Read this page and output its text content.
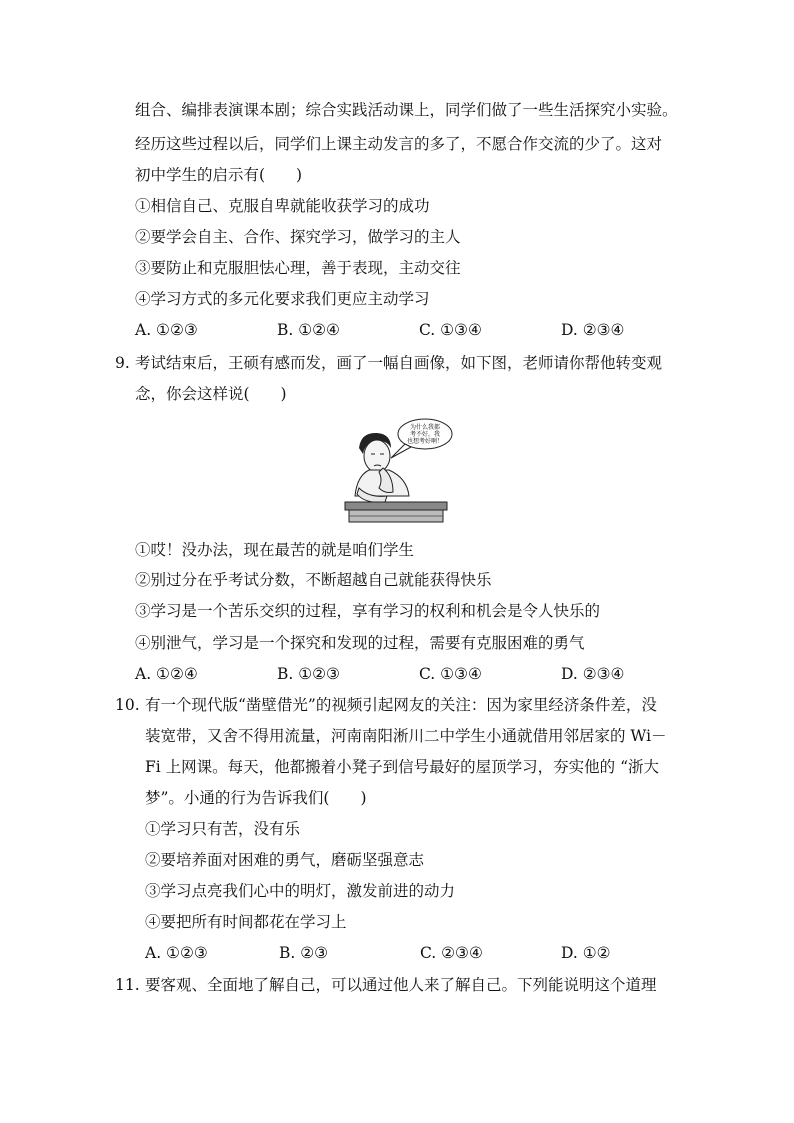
组合、编排表演课本剧；综合实践活动课上，同学们做了一些生活探究小实验。
经历这些过程以后，同学们上课主动发言的多了，不愿合作交流的少了。这对
初中学生的启示有(　　)
①相信自己、克服自卑就能收获学习的成功
②要学会自主、合作、探究学习，做学习的主人
③要防止和克服胆怯心理，善于表现，主动交往
④学习方式的多元化要求我们更应主动学习
A. ①②③	B. ①②④	C. ①③④	D. ②③④
9. 考试结束后，王硕有感而发，画了一幅自画像，如下图，老师请你帮他转变观
念，你会这样说(　　)
为什么我都
考不好，我
也想考好啊！
①哎！没办法，现在最苦的就是咱们学生
②别过分在乎考试分数，不断超越自己就能获得快乐
③学习是一个苦乐交织的过程，享有学习的权利和机会是令人快乐的
④别泄气，学习是一个探究和发现的过程，需要有克服困难的勇气
A. ①②④	B. ①②③	C. ①③④	D. ②③④
10. 有一个现代版“凿壁借光”的视频引起网友的关注：因为家里经济条件差，没
装宽带，又舍不得用流量，河南南阳淅川二中学生小通就借用邻居家的 Wi－
Fi 上网课。每天，他都搬着小凳子到信号最好的屋顶学习，夯实他的 “浙大
梦”。小通的行为告诉我们(　　)
①学习只有苦，没有乐
②要培养面对困难的勇气，磨砺坚强意志
③学习点亮我们心中的明灯，激发前进的动力
④要把所有时间都花在学习上
A. ①②③	B. ②③	C. ②③④	D. ①②
11. 要客观、全面地了解自己，可以通过他人来了解自己。下列能说明这个道理
